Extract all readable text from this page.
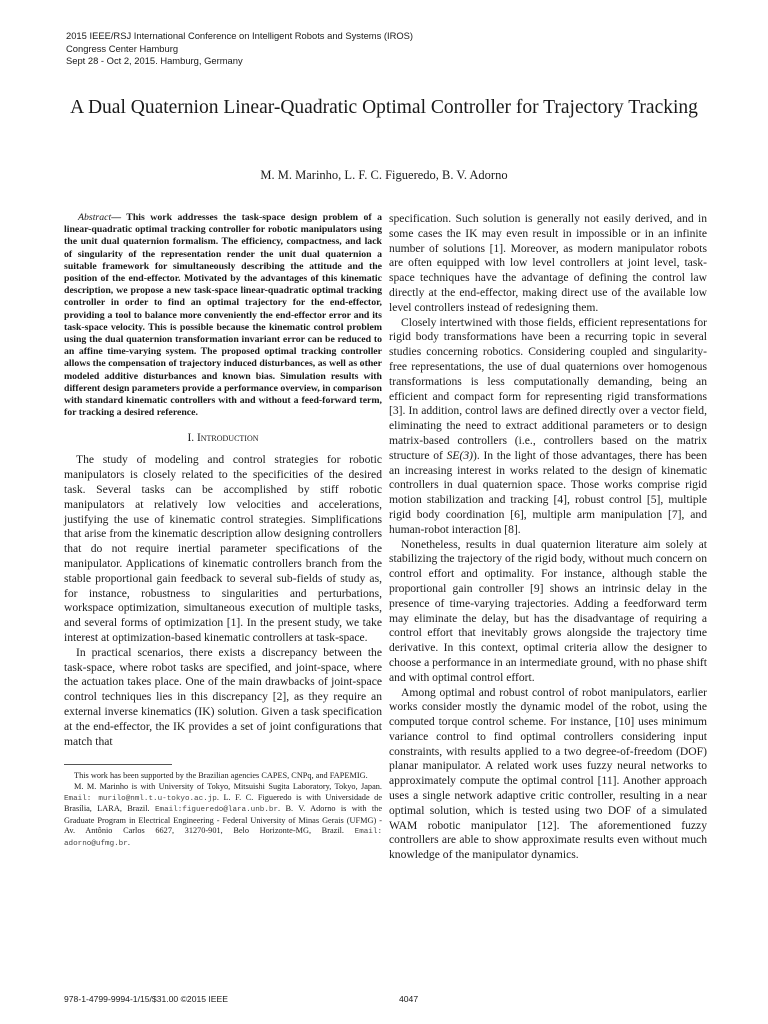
2015 IEEE/RSJ International Conference on Intelligent Robots and Systems (IROS)
Congress Center Hamburg
Sept 28 - Oct 2, 2015. Hamburg, Germany
A Dual Quaternion Linear-Quadratic Optimal Controller for Trajectory Tracking
M. M. Marinho, L. F. C. Figueredo, B. V. Adorno

Abstract— This work addresses the task-space design problem of a linear-quadratic optimal tracking controller for robotic manipulators using the unit dual quaternion formalism. The efficiency, compactness, and lack of singularity of the representation render the unit dual quaternion a suitable framework for simultaneously describing the attitude and the position of the end-effector. Motivated by the advantages of this kinematic description, we propose a new task-space linear-quadratic optimal tracking controller in order to find an optimal trajectory for the end-effector, providing a tool to balance more conveniently the end-effector error and its task-space velocity. This is possible because the kinematic control problem using the dual quaternion transformation invariant error can be reduced to an affine time-varying system. The proposed optimal tracking controller allows the compensation of trajectory induced disturbances, as well as other modeled additive disturbances and known bias. Simulation results with different design parameters provide a performance overview, in comparison with standard kinematic controllers with and without a feed-forward term, for tracking a desired reference.

I. Introduction

The study of modeling and control strategies for robotic manipulators is closely related to the specificities of the desired task. Several tasks can be accomplished by stiff robotic manipulators at relatively low velocities and accelerations, justifying the use of kinematic control strategies. Simplifications that arise from the kinematic description allow designing controllers that do not require inertial parameter specifications of the manipulator. Applications of kinematic controllers branch from the stable proportional gain feedback to several sub-fields of study as, for instance, robustness to singularities and perturbations, workspace optimization, simultaneous execution of multiple tasks, and several forms of optimization [1]. In the present study, we take interest at optimization-based kinematic controllers at task-space.

In practical scenarios, there exists a discrepancy between the task-space, where robot tasks are specified, and joint-space, where the actuation takes place. One of the main drawbacks of joint-space control techniques lies in this discrepancy [2], as they require an external inverse kinematics (IK) solution. Given a task specification at the end-effector, the IK provides a set of joint configurations that match that

This work has been supported by the Brazilian agencies CAPES, CNPq, and FAPEMIG.

M. M. Marinho is with University of Tokyo, Mitsuishi Sugita Laboratory, Tokyo, Japan. Email: murilo@nml.t.u-tokyo.ac.jp. L. F. C. Figueredo is with Universidade de Brasília, LARA, Brazil. Email:figueredo@lara.unb.br. B. V. Adorno is with the Graduate Program in Electrical Engineering - Federal University of Minas Gerais (UFMG) - Av. Antônio Carlos 6627, 31270-901, Belo Horizonte-MG, Brazil. Email: adorno@ufmg.br.

specification. Such solution is generally not easily derived, and in some cases the IK may even result in impossible or in an infinite number of solutions [1]. Moreover, as modern manipulator robots are often equipped with low level controllers at joint level, task-space techniques have the advantage of defining the control law directly at the end-effector, making direct use of the available low level controllers instead of redesigning them.

Closely intertwined with those fields, efficient representations for rigid body transformations have been a recurring topic in several studies concerning robotics. Considering coupled and singularity-free representations, the use of dual quaternions over homogenous transformations is less computationally demanding, being an efficient and compact form for representing rigid transformations [3]. In addition, control laws are defined directly over a vector field, eliminating the need to extract additional parameters or to design matrix-based controllers (i.e., controllers based on the matrix structure of SE(3)). In the light of those advantages, there has been an increasing interest in works related to the design of kinematic controllers in dual quaternion space. Those works comprise rigid motion stabilization and tracking [4], robust control [5], multiple rigid body coordination [6], multiple arm manipulation [7], and human-robot interaction [8].

Nonetheless, results in dual quaternion literature aim solely at stabilizing the trajectory of the rigid body, without much concern on control effort and optimality. For instance, although stable the proportional gain controller [9] shows an intrinsic delay in the presence of time-varying trajectories. Adding a feedforward term may eliminate the delay, but has the disadvantage of requiring a control effort that inevitably grows alongside the trajectory time derivative. In this context, optimal criteria allow the designer to choose a performance in an intermediate ground, with no phase shift and with optimal control effort.

Among optimal and robust control of robot manipulators, earlier works consider mostly the dynamic model of the robot, using the computed torque control scheme. For instance, [10] uses minimum variance control to find optimal controllers considering input constraints, with results applied to a two degree-of-freedom (DOF) planar manipulator. A related work uses fuzzy neural networks to approximately compute the optimal control [11]. Another approach uses a single network adaptive critic controller, resulting in a near optimal solution, which is tested using two DOF of a simulated WAM robotic manipulator [12]. The aforementioned fuzzy controllers are able to show approximate results even without much knowledge of the manipulator dynamics.

978-1-4799-9994-1/15/$31.00 ©2015 IEEE	4047
